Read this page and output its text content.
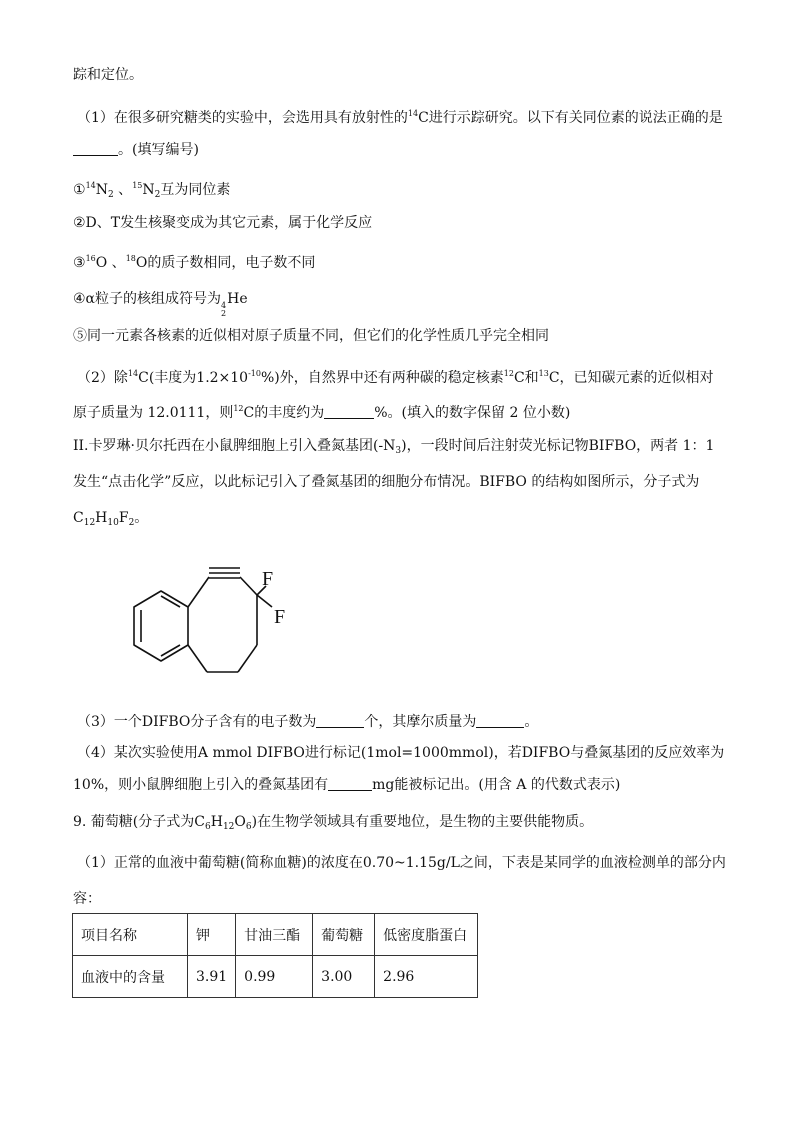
踪和定位。
（1）在很多研究糖类的实验中，会选用具有放射性的$^{14}$C进行示踪研究。以下有关同位素的说法正确的是
。(填写编号)
$①^{14}N_2$ 、$^{15}N_2$互为同位素
②D、T发生核聚变成为其它元素，属于化学反应
③$^{16}$O 、$^{18}$O的质子数相同，电子数不同
④α粒子的核组成符号为 4
2
He
⑤同一元素各核素的近似相对原子质量不同，但它们的化学性质几乎完全相同
（2）除$^{14}$C(丰度为$1.2\times 10^{-10}\%$)外，自然界中还有两种碳的稳定核素$^{12}$C和$^{13}$C，已知碳元素的近似相对
原子质量为 12.0111，则$^{12}$C的丰度约为	%。(填入的数字保留 2 位小数)
II.卡罗琳·贝尔托西在小鼠脾细胞上引入叠氮基团$(-N_3)$，一段时间后注射荧光标记物BIFBO，两者 1：1
发生“点击化学”反应，以此标记引入了叠氮基团的细胞分布情况。BIFBO 的结构如图所示，分子式为
$C_{12}H_{10}F_2$。
F
F
（3）一个DIFBO分子含有的电子数为	个，其摩尔质量为	。
（4）某次实验使用A mmol DIFBO进行标记(1mol=1000mmol)，若DIFBO与叠氮基团的反应效率为
10%，则小鼠脾细胞上引入的叠氮基团有	mg能被标记出。(用含 A 的代数式表示)
9. 葡萄糖(分子式为$C_6H_{12}O_6$)在生物学领域具有重要地位，是生物的主要供能物质。
（1）正常的血液中葡萄糖(简称血糖)的浓度在0.70~1.15g/L之间，下表是某同学的血液检测单的部分内
容：
项目名称	钾	甘油三酯	葡萄糖	低密度脂蛋白
血液中的含量	3.91	0.99	3.00	2.96
